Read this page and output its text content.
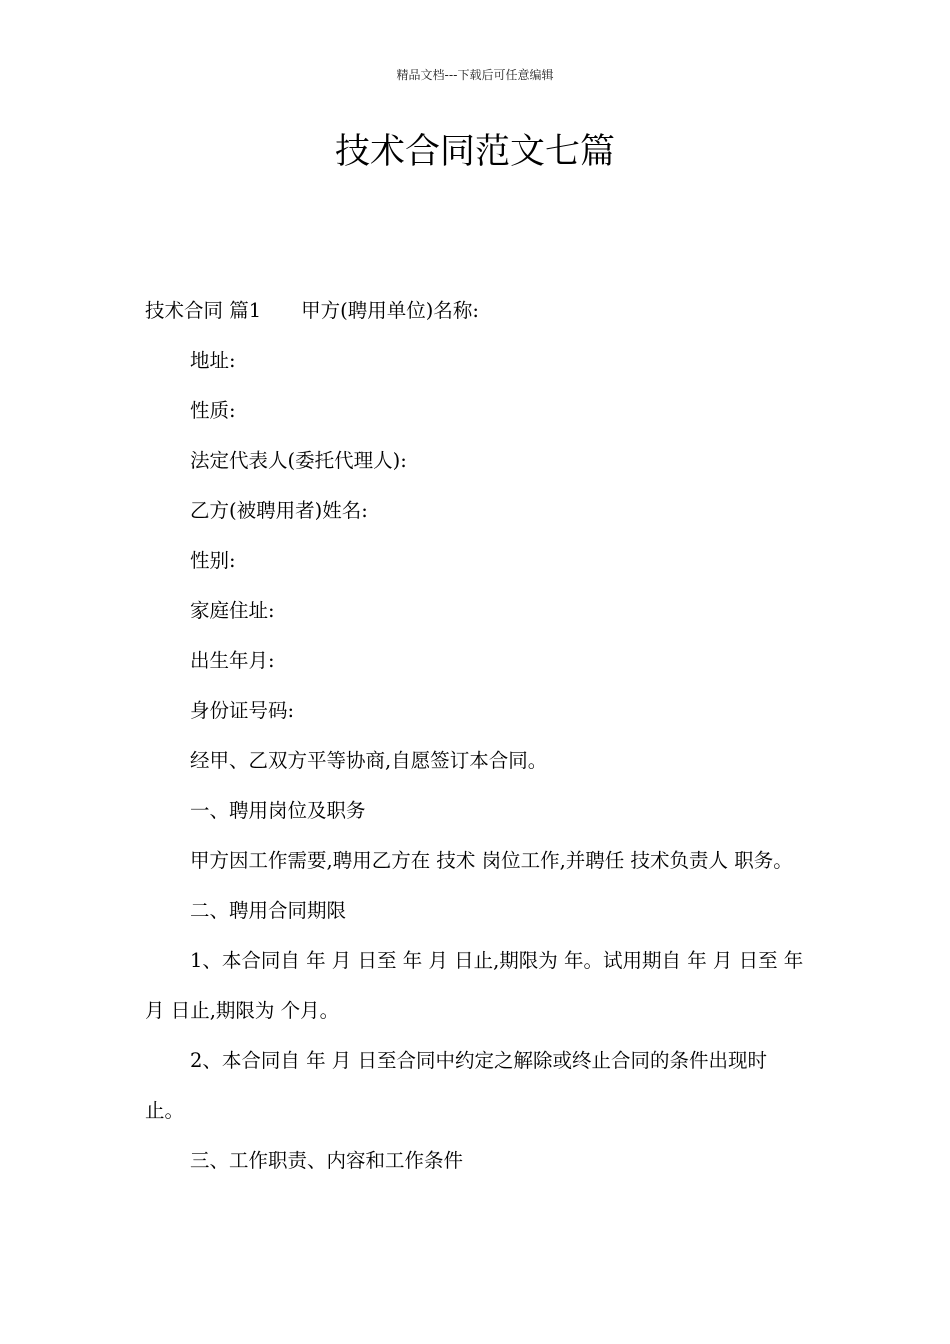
精品文档---下载后可任意编辑
技术合同范文七篇

技术合同 篇1 甲方(聘用单位)名称:

地址:

性质:

法定代表人(委托代理人):

乙方(被聘用者)姓名:

性别:

家庭住址:

出生年月:

身份证号码:

经甲、乙双方平等协商,自愿签订本合同。

一、聘用岗位及职务

甲方因工作需要,聘用乙方在 技术 岗位工作,并聘任 技术负责人 职务。

二、聘用合同期限

1、本合同自 年 月 日至 年 月 日止,期限为 年。试用期自 年 月 日至 年 月 日止,期限为 个月。

2、本合同自 年 月 日至合同中约定之解除或终止合同的条件出现时止。

三、工作职责、内容和工作条件
